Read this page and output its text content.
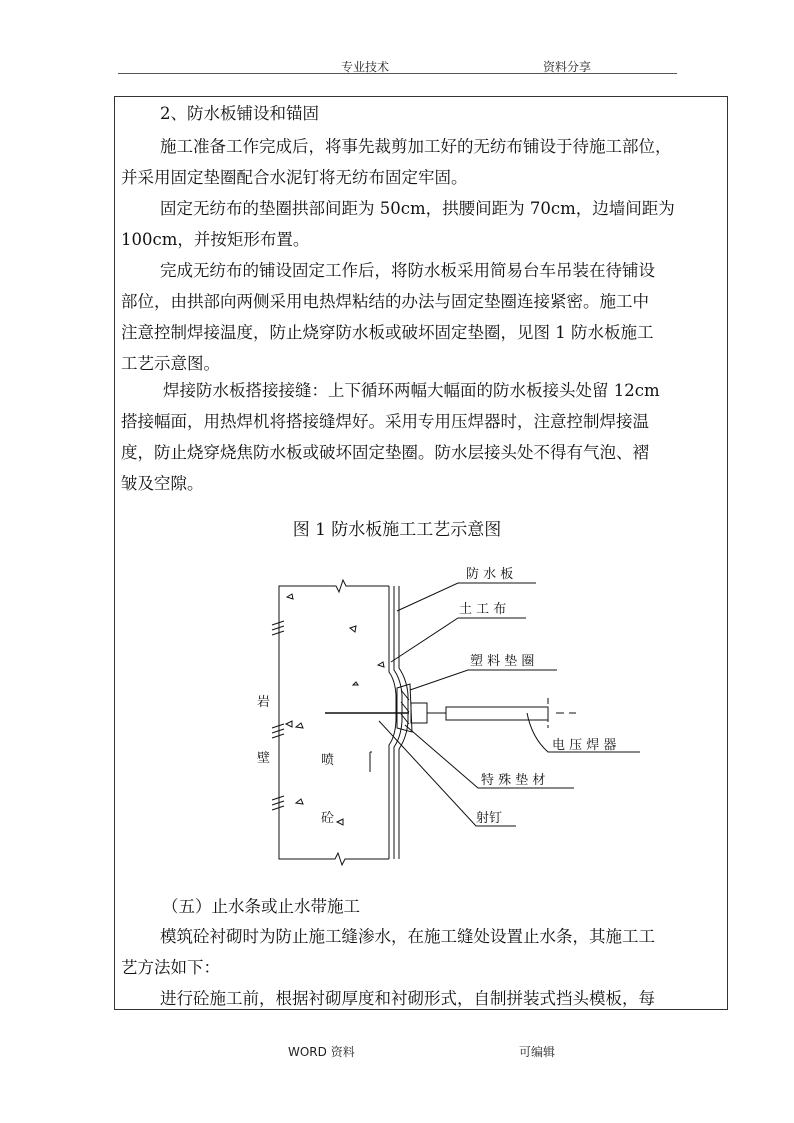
专业技术	资料分享
2、防水板铺设和锚固
施工准备工作完成后，将事先裁剪加工好的无纺布铺设于待施工部位，
并采用固定垫圈配合水泥钉将无纺布固定牢固。
固定无纺布的垫圈拱部间距为 50cm，拱腰间距为 70cm，边墙间距为
100cm，并按矩形布置。
完成无纺布的铺设固定工作后，将防水板采用简易台车吊装在待铺设
部位，由拱部向两侧采用电热焊粘结的办法与固定垫圈连接紧密。施工中
注意控制焊接温度，防止烧穿防水板或破坏固定垫圈，见图 1 防水板施工
工艺示意图。
焊接防水板搭接接缝：上下循环两幅大幅面的防水板接头处留 12cm
搭接幅面，用热焊机将搭接缝焊好。采用专用压焊器时，注意控制焊接温
度，防止烧穿烧焦防水板或破坏固定垫圈。防水层接头处不得有气泡、褶
皱及空隙。
图 1 防水板施工工艺示意图
防 水 板
土 工 布
塑 料 垫 圈
电 压 焊 器
特 殊 垫 材
射钉
岩
壁	喷
砼
（五）止水条或止水带施工
模筑砼衬砌时为防止施工缝渗水，在施工缝处设置止水条，其施工工
艺方法如下：
进行砼施工前，根据衬砌厚度和衬砌形式，自制拼装式挡头模板，每
WORD 资料	可编辑
